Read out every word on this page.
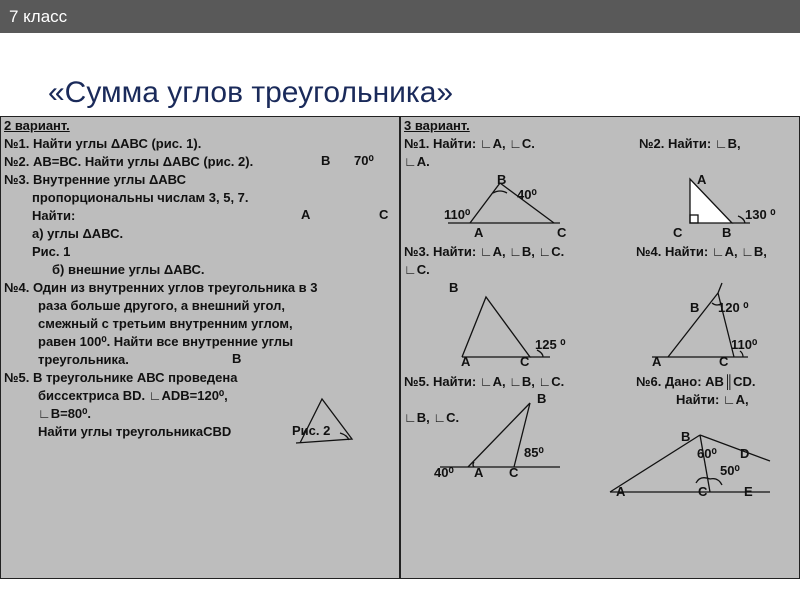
7 класс
«Сумма углов треугольника»
2 вариант.
№1. Найти углы ΔАВС (рис. 1).
№2. АВ=ВС. Найти углы ΔАВС (рис. 2).
№3. Внутренние углы ΔАВС
пропорциональны числам 3, 5, 7.
Найти:
а) углы ΔАВС.
Рис. 1
б) внешние углы ΔАВС.
№4. Один из внутренних углов треугольника в 3
раза больше другого, а внешний угол,
смежный с третьим внутренним углом,
равен 100⁰. Найти все внутренние углы
треугольника.
№5. В треугольнике АВС проведена
биссектриса BD. ∟ADB=120⁰,
∟B=80⁰.
Найти углы треугольникаCBD
В 70⁰
А	С
В
Рис. 2
3 вариант.
№1. Найти: ∟А, ∟С.	№2. Найти: ∟В,
∟А.
№3. Найти: ∟А, ∟В, ∟С.	№4. Найти: ∟А, ∟В,
∟С.
№5. Найти: ∟А, ∟В, ∟С.	№6. Дано: АВ║CD.
Найти: ∟А,
∟В, ∟С.
В
40⁰
110⁰
А	С
А
130 ⁰
С	В
В
125 ⁰
А	С
В 120 ⁰
110⁰
А	С
В
85⁰
40⁰ А С
В
60⁰ D
50⁰
А	С	Е
